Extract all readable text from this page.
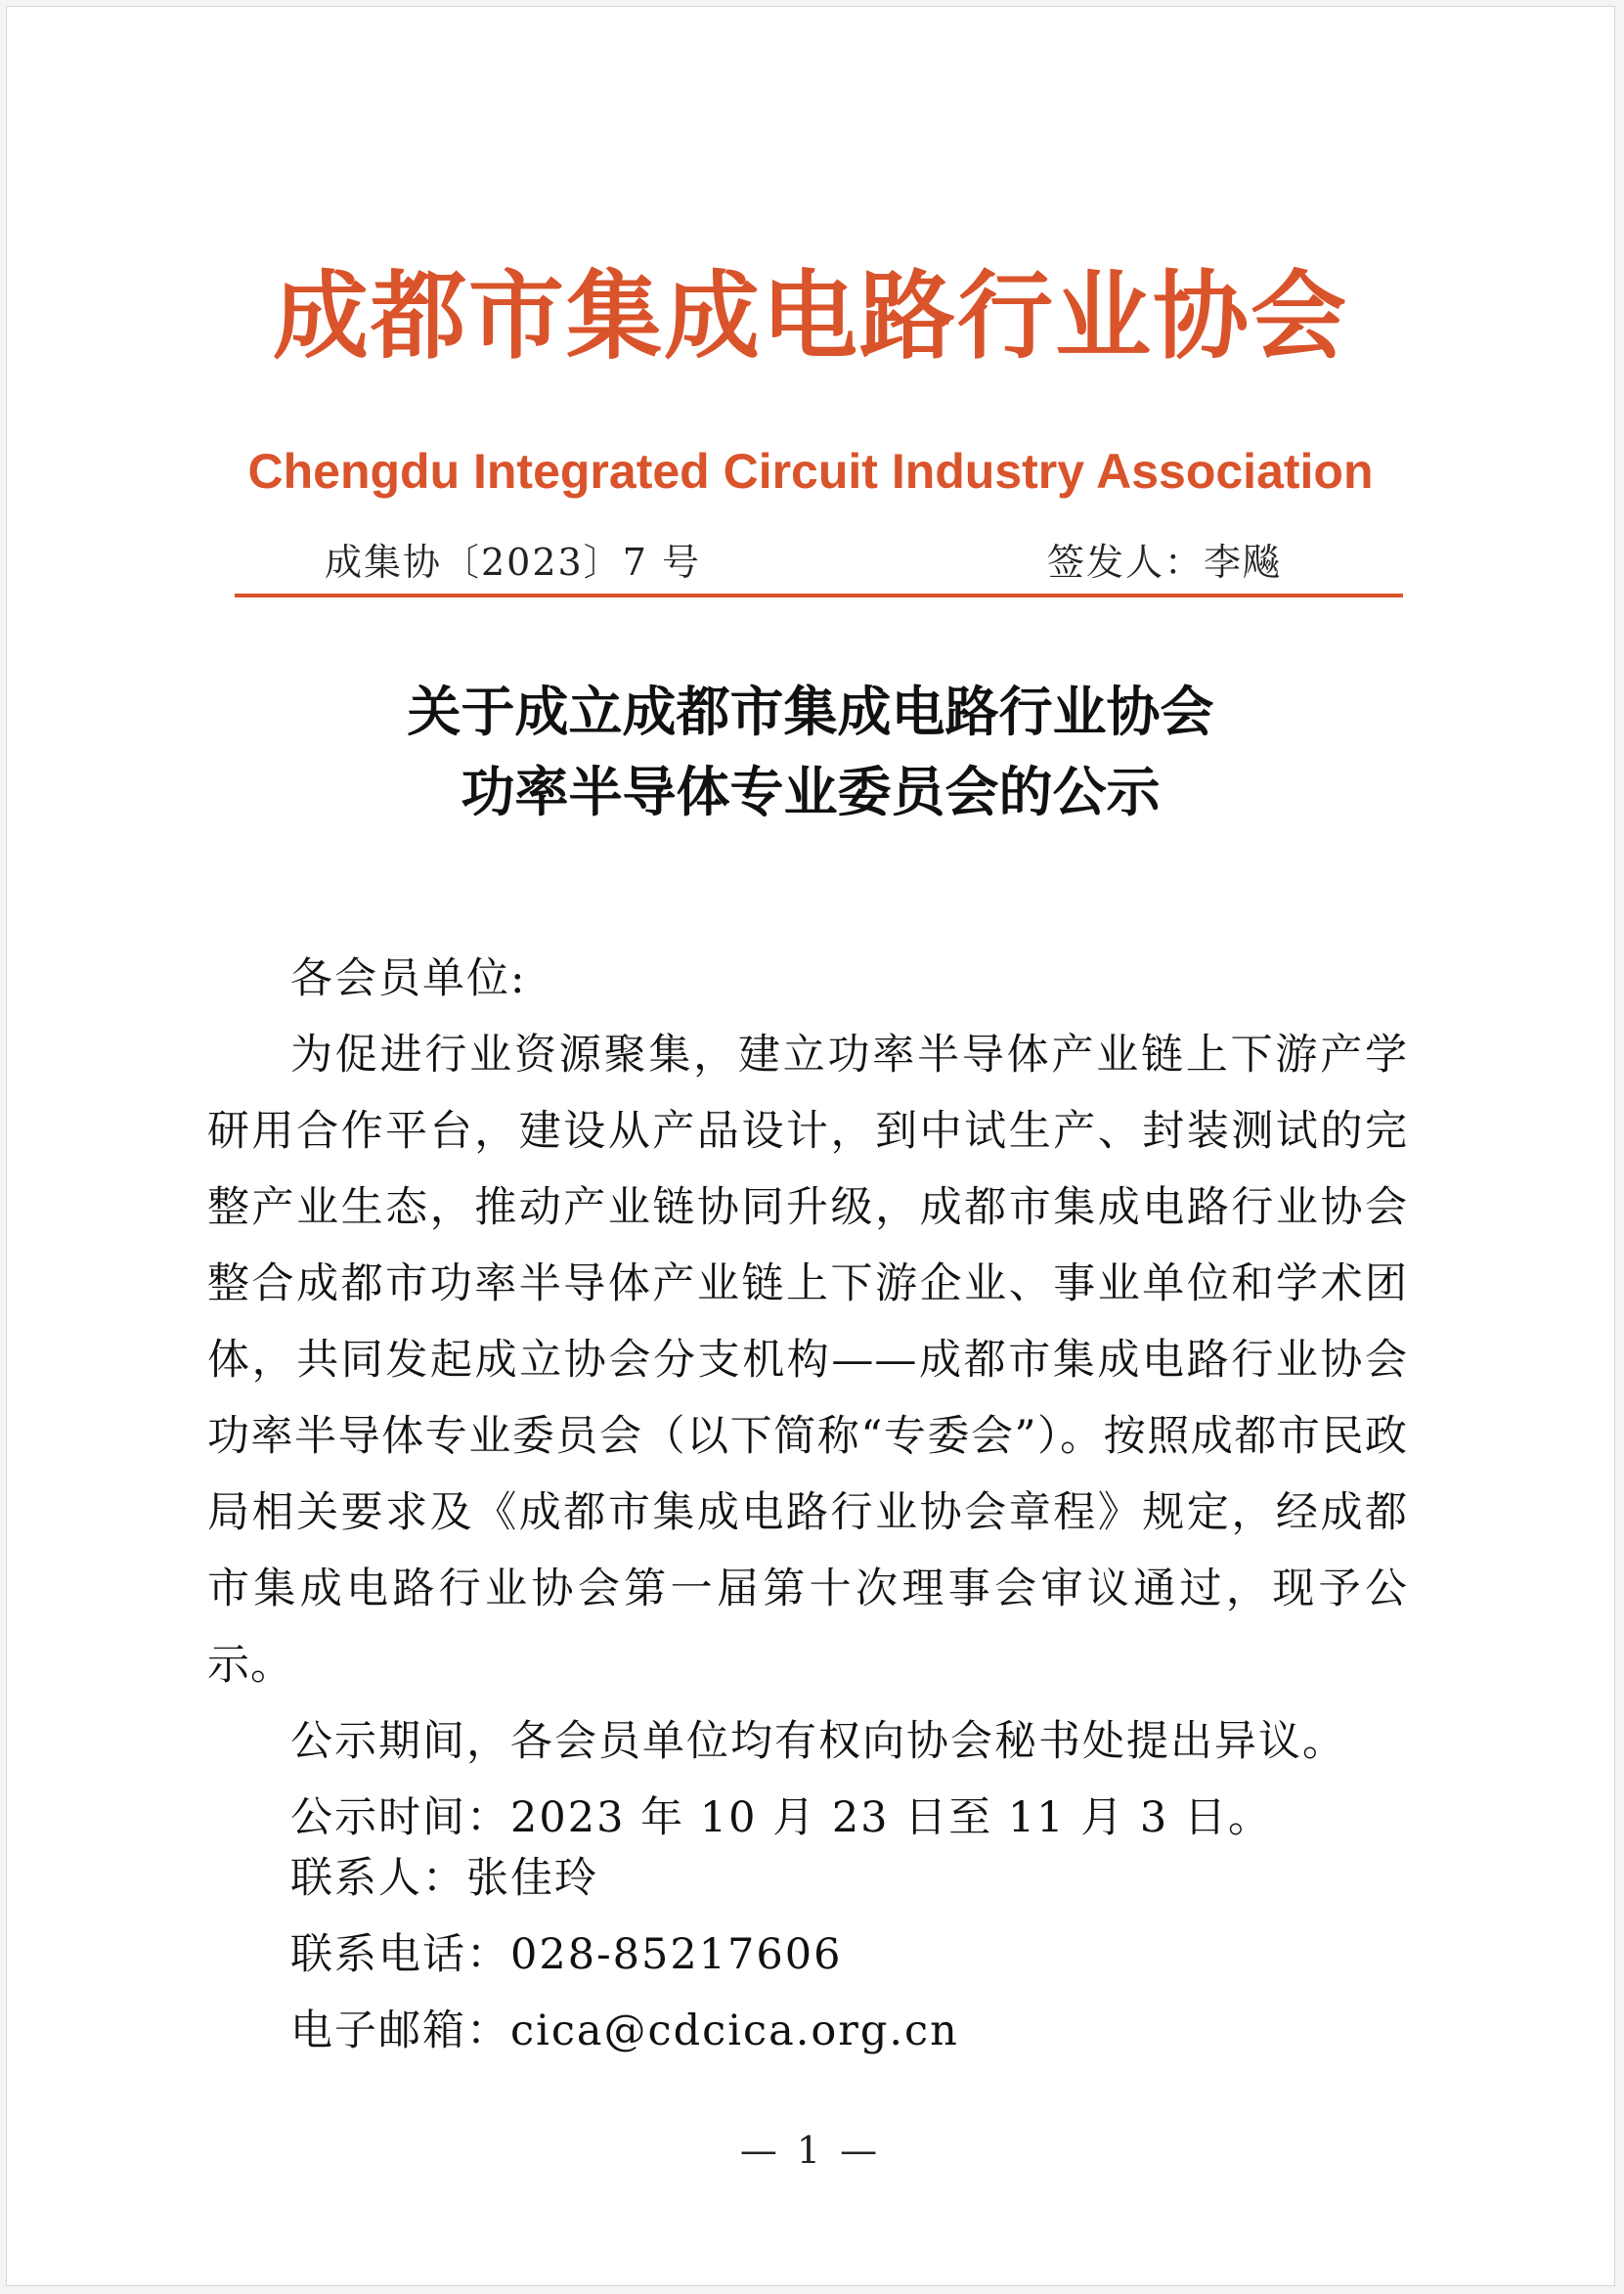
成都市集成电路行业协会
Chengdu Integrated Circuit Industry Association
成集协〔2023〕7 号	签发人：李飚
关于成立成都市集成电路行业协会
功率半导体专业委员会的公示
各会员单位:

为促进行业资源聚集，建立功率半导体产业链上下游产学研用合作平台，建设从产品设计，到中试生产、封装测试的完整产业生态，推动产业链协同升级，成都市集成电路行业协会整合成都市功率半导体产业链上下游企业、事业单位和学术团体，共同发起成立协会分支机构——成都市集成电路行业协会功率半导体专业委员会（以下简称“专委会”）。按照成都市民政局相关要求及《成都市集成电路行业协会章程》规定，经成都市集成电路行业协会第一届第十次理事会审议通过，现予公示。

公示期间，各会员单位均有权向协会秘书处提出异议。
公示时间：2023 年 10 月 23 日至 11 月 3 日。
联系人：张佳玲
联系电话：028-85217606
电子邮箱：cica@cdcica.org.cn
— 1 —
